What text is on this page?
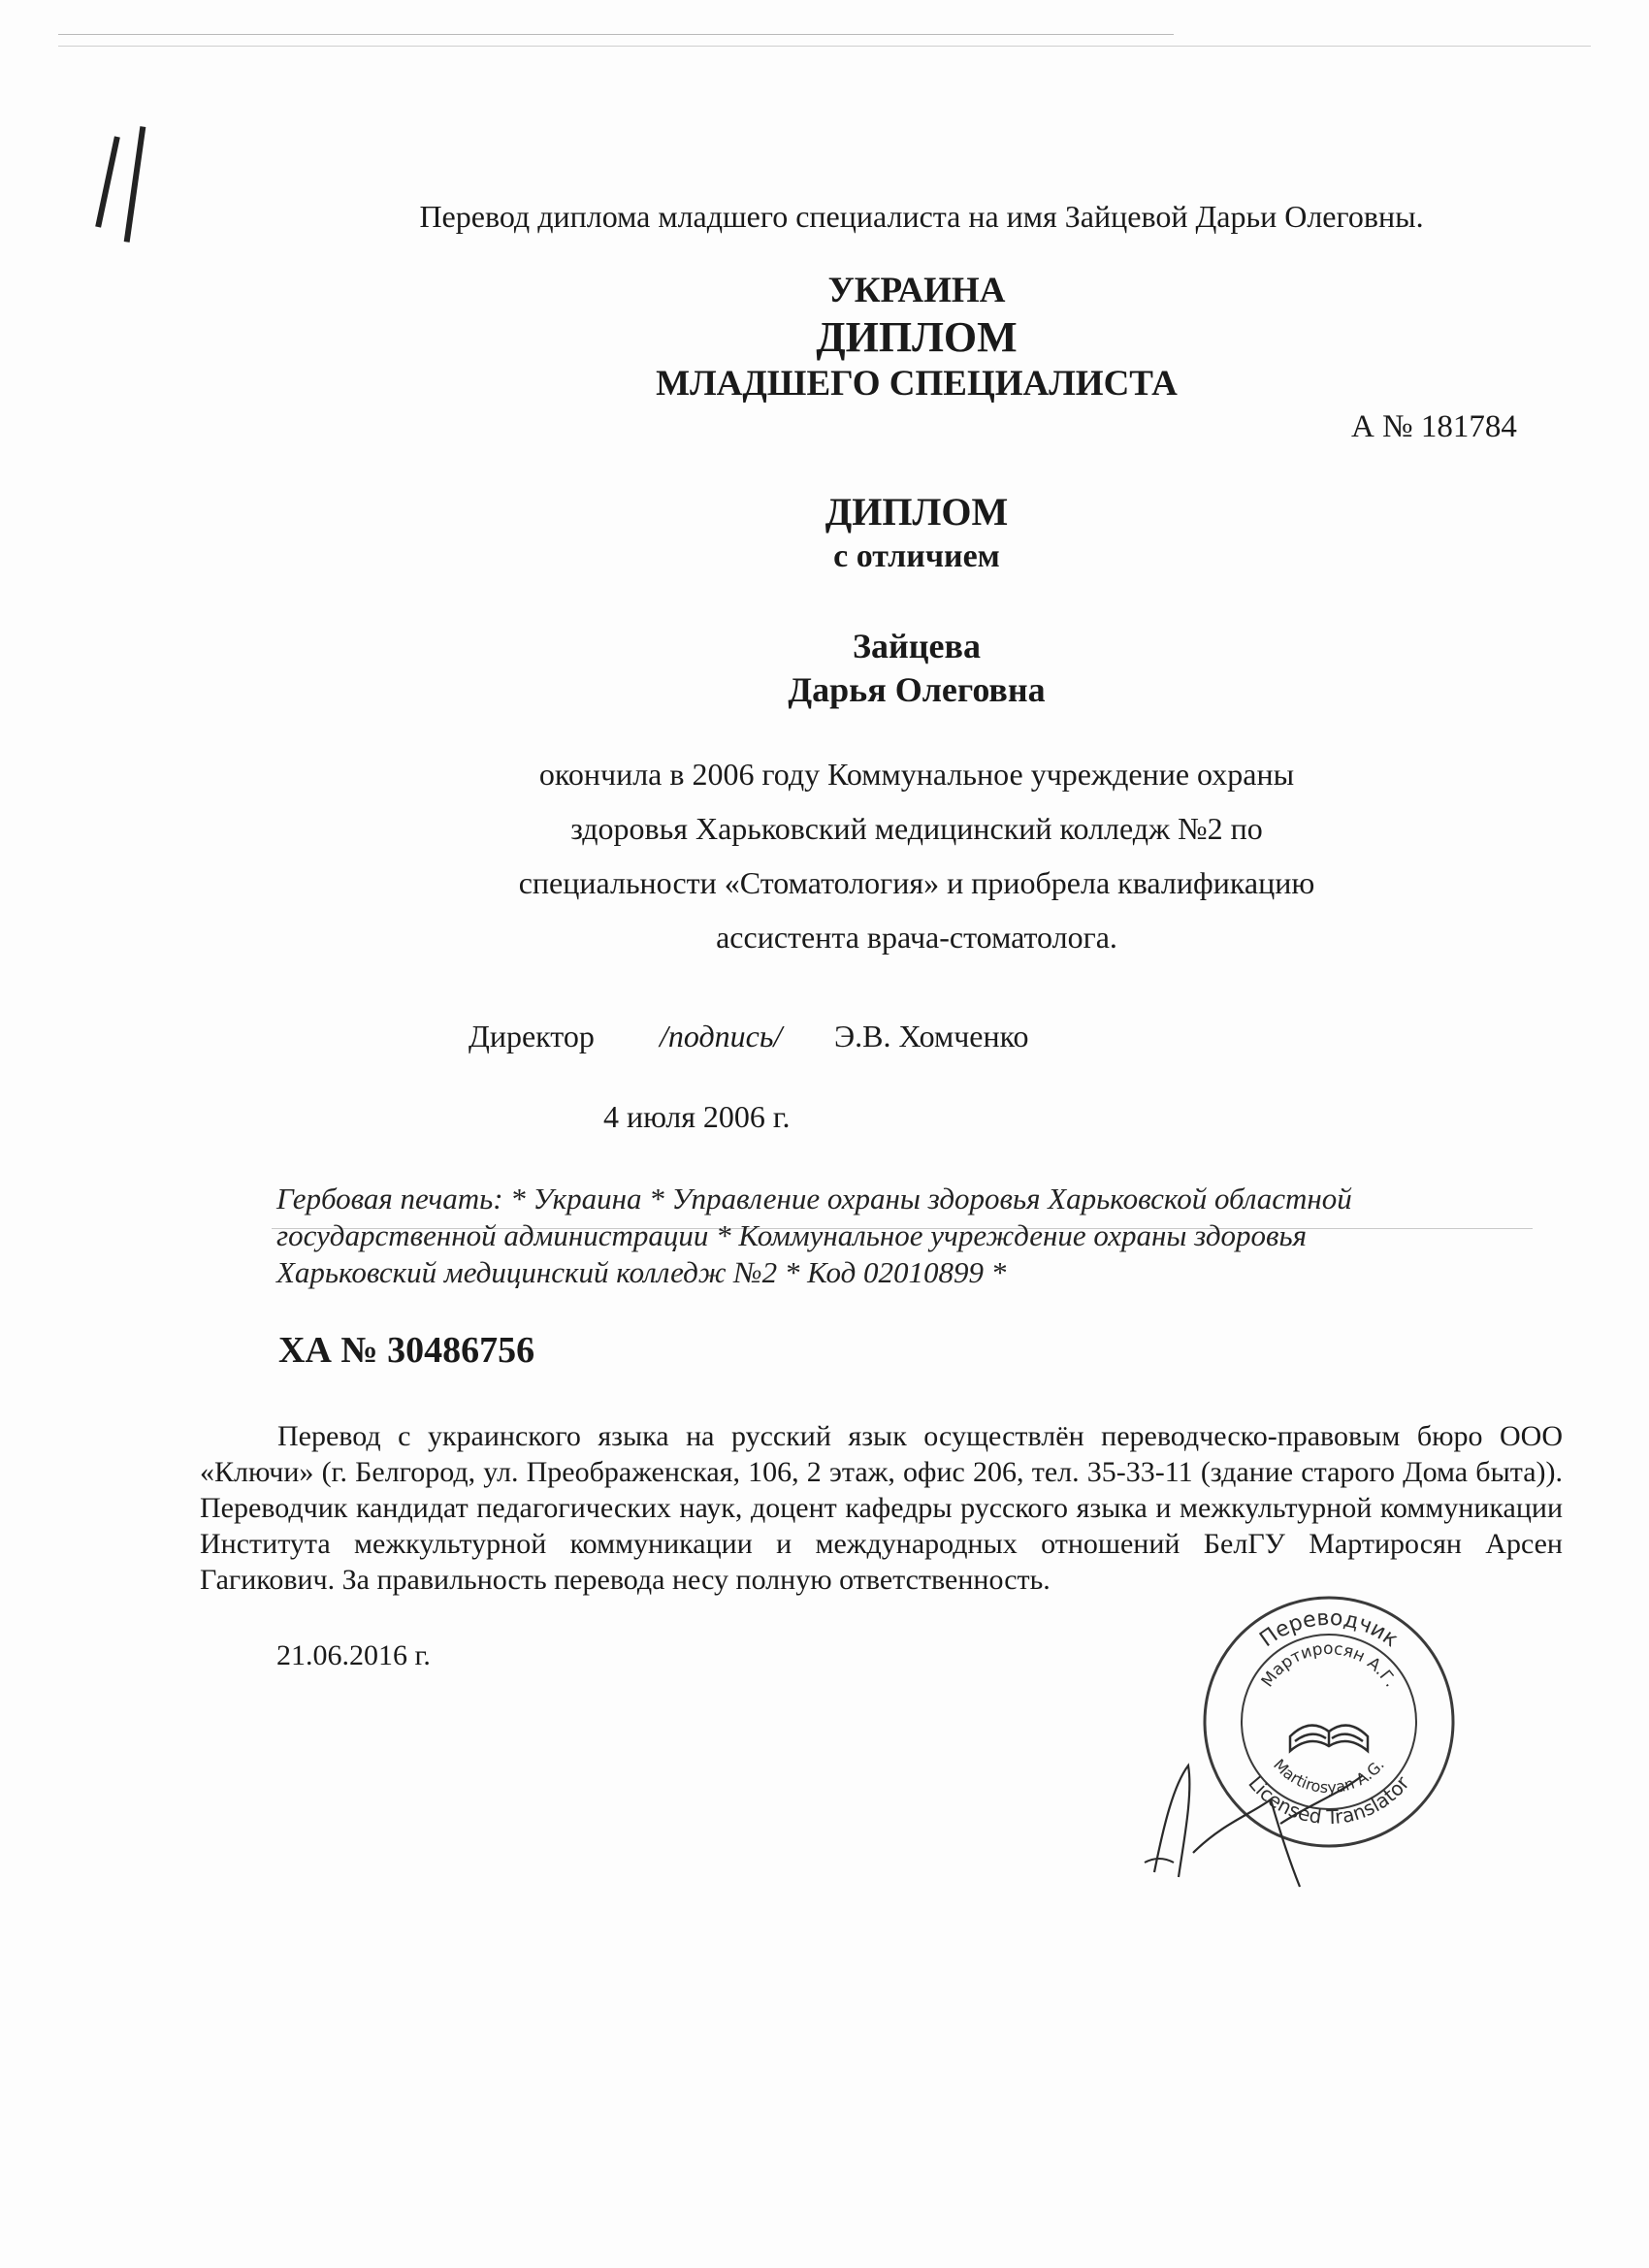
Перевод диплома младшего специалиста на имя Зайцевой Дарьи Олеговны.
УКРАИНА
ДИПЛОМ
МЛАДШЕГО СПЕЦИАЛИСТА
А № 181784
ДИПЛОМ
с отличием
Зайцева
Дарья Олеговна
окончила в 2006 году Коммунальное учреждение охраны
здоровья Харьковский медицинский колледж №2 по
специальности «Стоматология» и приобрела квалификацию
ассистента врача-стоматолога.
Директор /подпись/ Э.В. Хомченко
4 июля 2006 г.
Гербовая печать: * Украина * Управление охраны здоровья Харьковской областной
государственной администрации * Коммунальное учреждение охраны здоровья
Харьковский медицинский колледж №2 * Код 02010899 *
ХА № 30486756
Перевод с украинского языка на русский язык осуществлён переводческо-правовым бюро ООО «Ключи» (г. Белгород, ул. Преображенская, 106, 2 этаж, офис 206, тел. 35-33-11 (здание старого Дома быта)). Переводчик кандидат педагогических наук, доцент кафедры русского языка и межкультурной коммуникации Института межкультурной коммуникации и международных отношений БелГУ Мартиросян Арсен Гагикович. За правильность перевода несу полную ответственность.
21.06.2016 г.
Переводчик
Licensed Translator
Мартиросян А.Г.
Martirosyan A.G.
